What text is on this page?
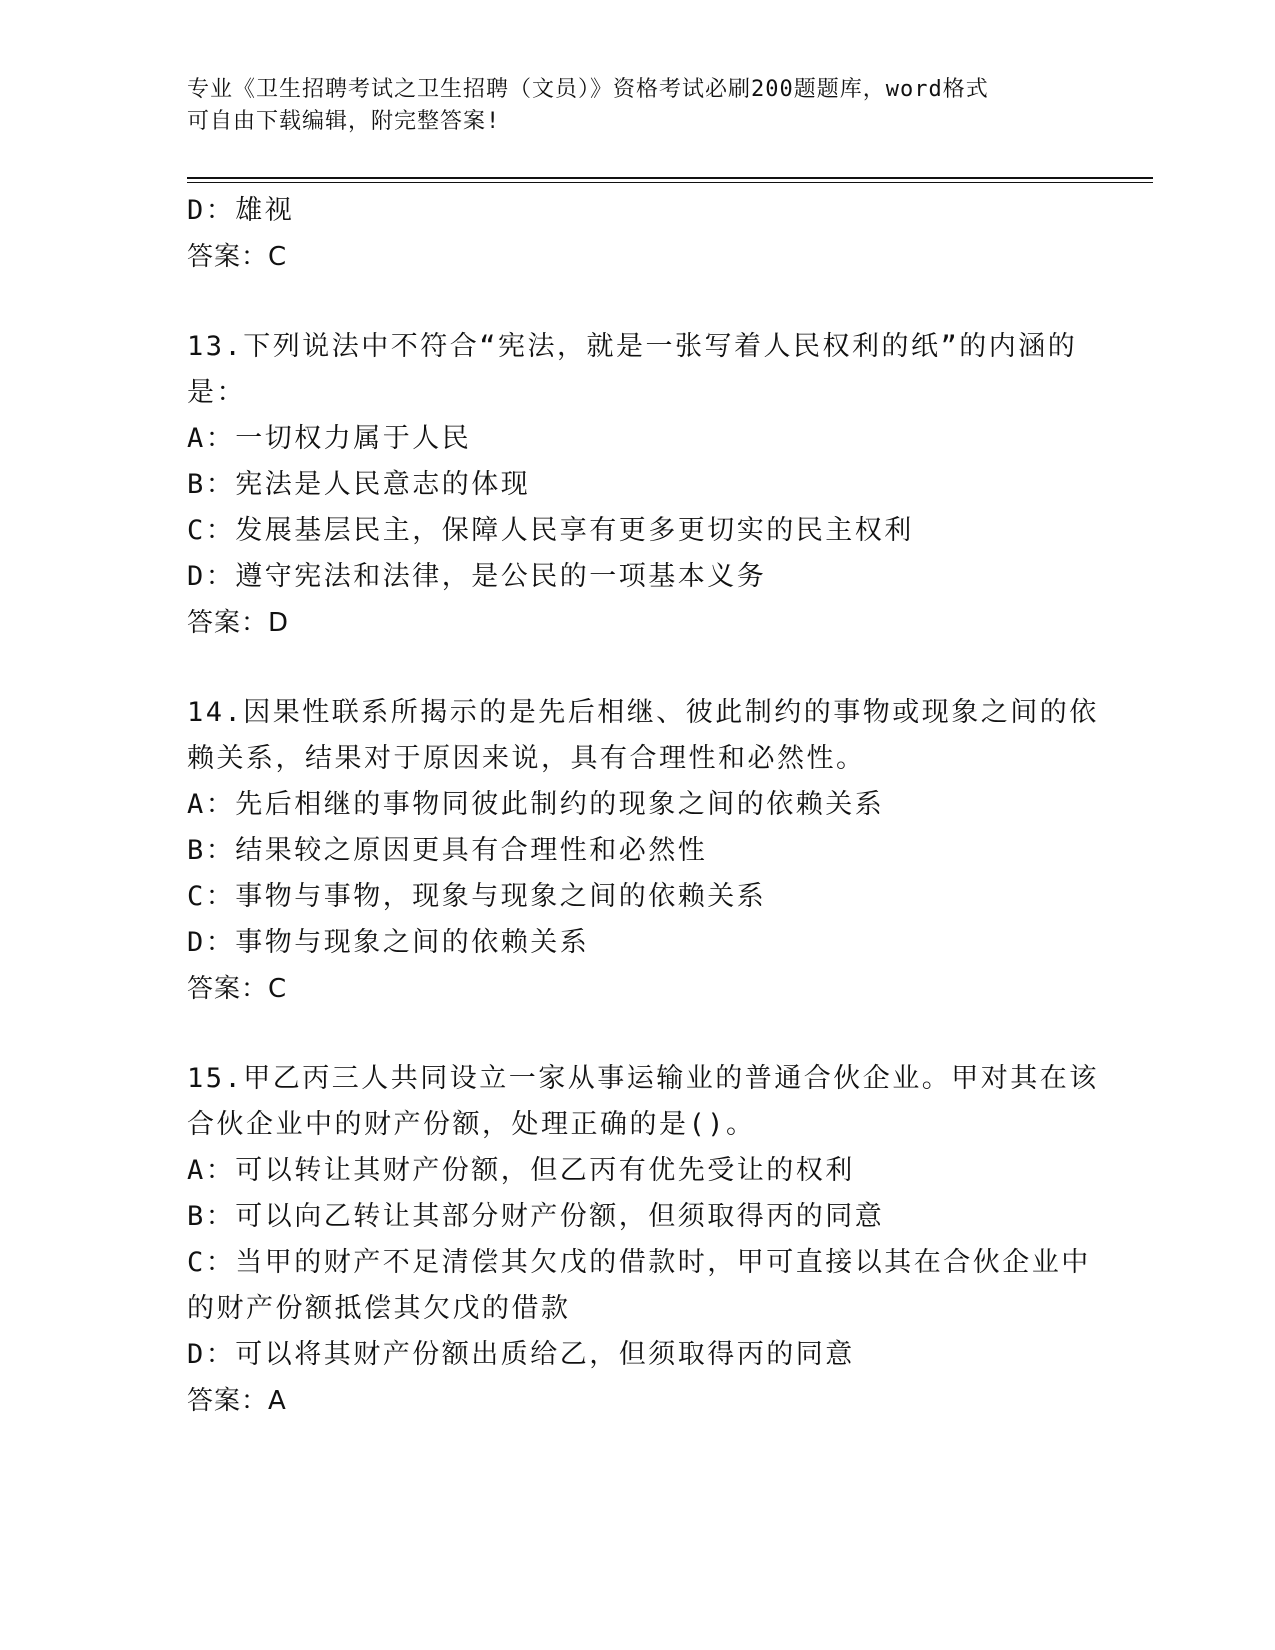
专业《卫生招聘考试之卫生招聘（文员）》资格考试必刷200题题库，word格式
可自由下载编辑，附完整答案!
D：雄视
答案：C
13.下列说法中不符合“宪法，就是一张写着人民权利的纸”的内涵的
是：
A：一切权力属于人民
B：宪法是人民意志的体现
C：发展基层民主，保障人民享有更多更切实的民主权利
D：遵守宪法和法律，是公民的一项基本义务
答案：D
14.因果性联系所揭示的是先后相继、彼此制约的事物或现象之间的依
赖关系，结果对于原因来说，具有合理性和必然性。
A：先后相继的事物同彼此制约的现象之间的依赖关系
B：结果较之原因更具有合理性和必然性
C：事物与事物，现象与现象之间的依赖关系
D：事物与现象之间的依赖关系
答案：C
15.甲乙丙三人共同设立一家从事运输业的普通合伙企业。甲对其在该
合伙企业中的财产份额，处理正确的是()。
A：可以转让其财产份额，但乙丙有优先受让的权利
B：可以向乙转让其部分财产份额，但须取得丙的同意
C：当甲的财产不足清偿其欠戊的借款时，甲可直接以其在合伙企业中
的财产份额抵偿其欠戊的借款
D：可以将其财产份额出质给乙，但须取得丙的同意
答案：A
